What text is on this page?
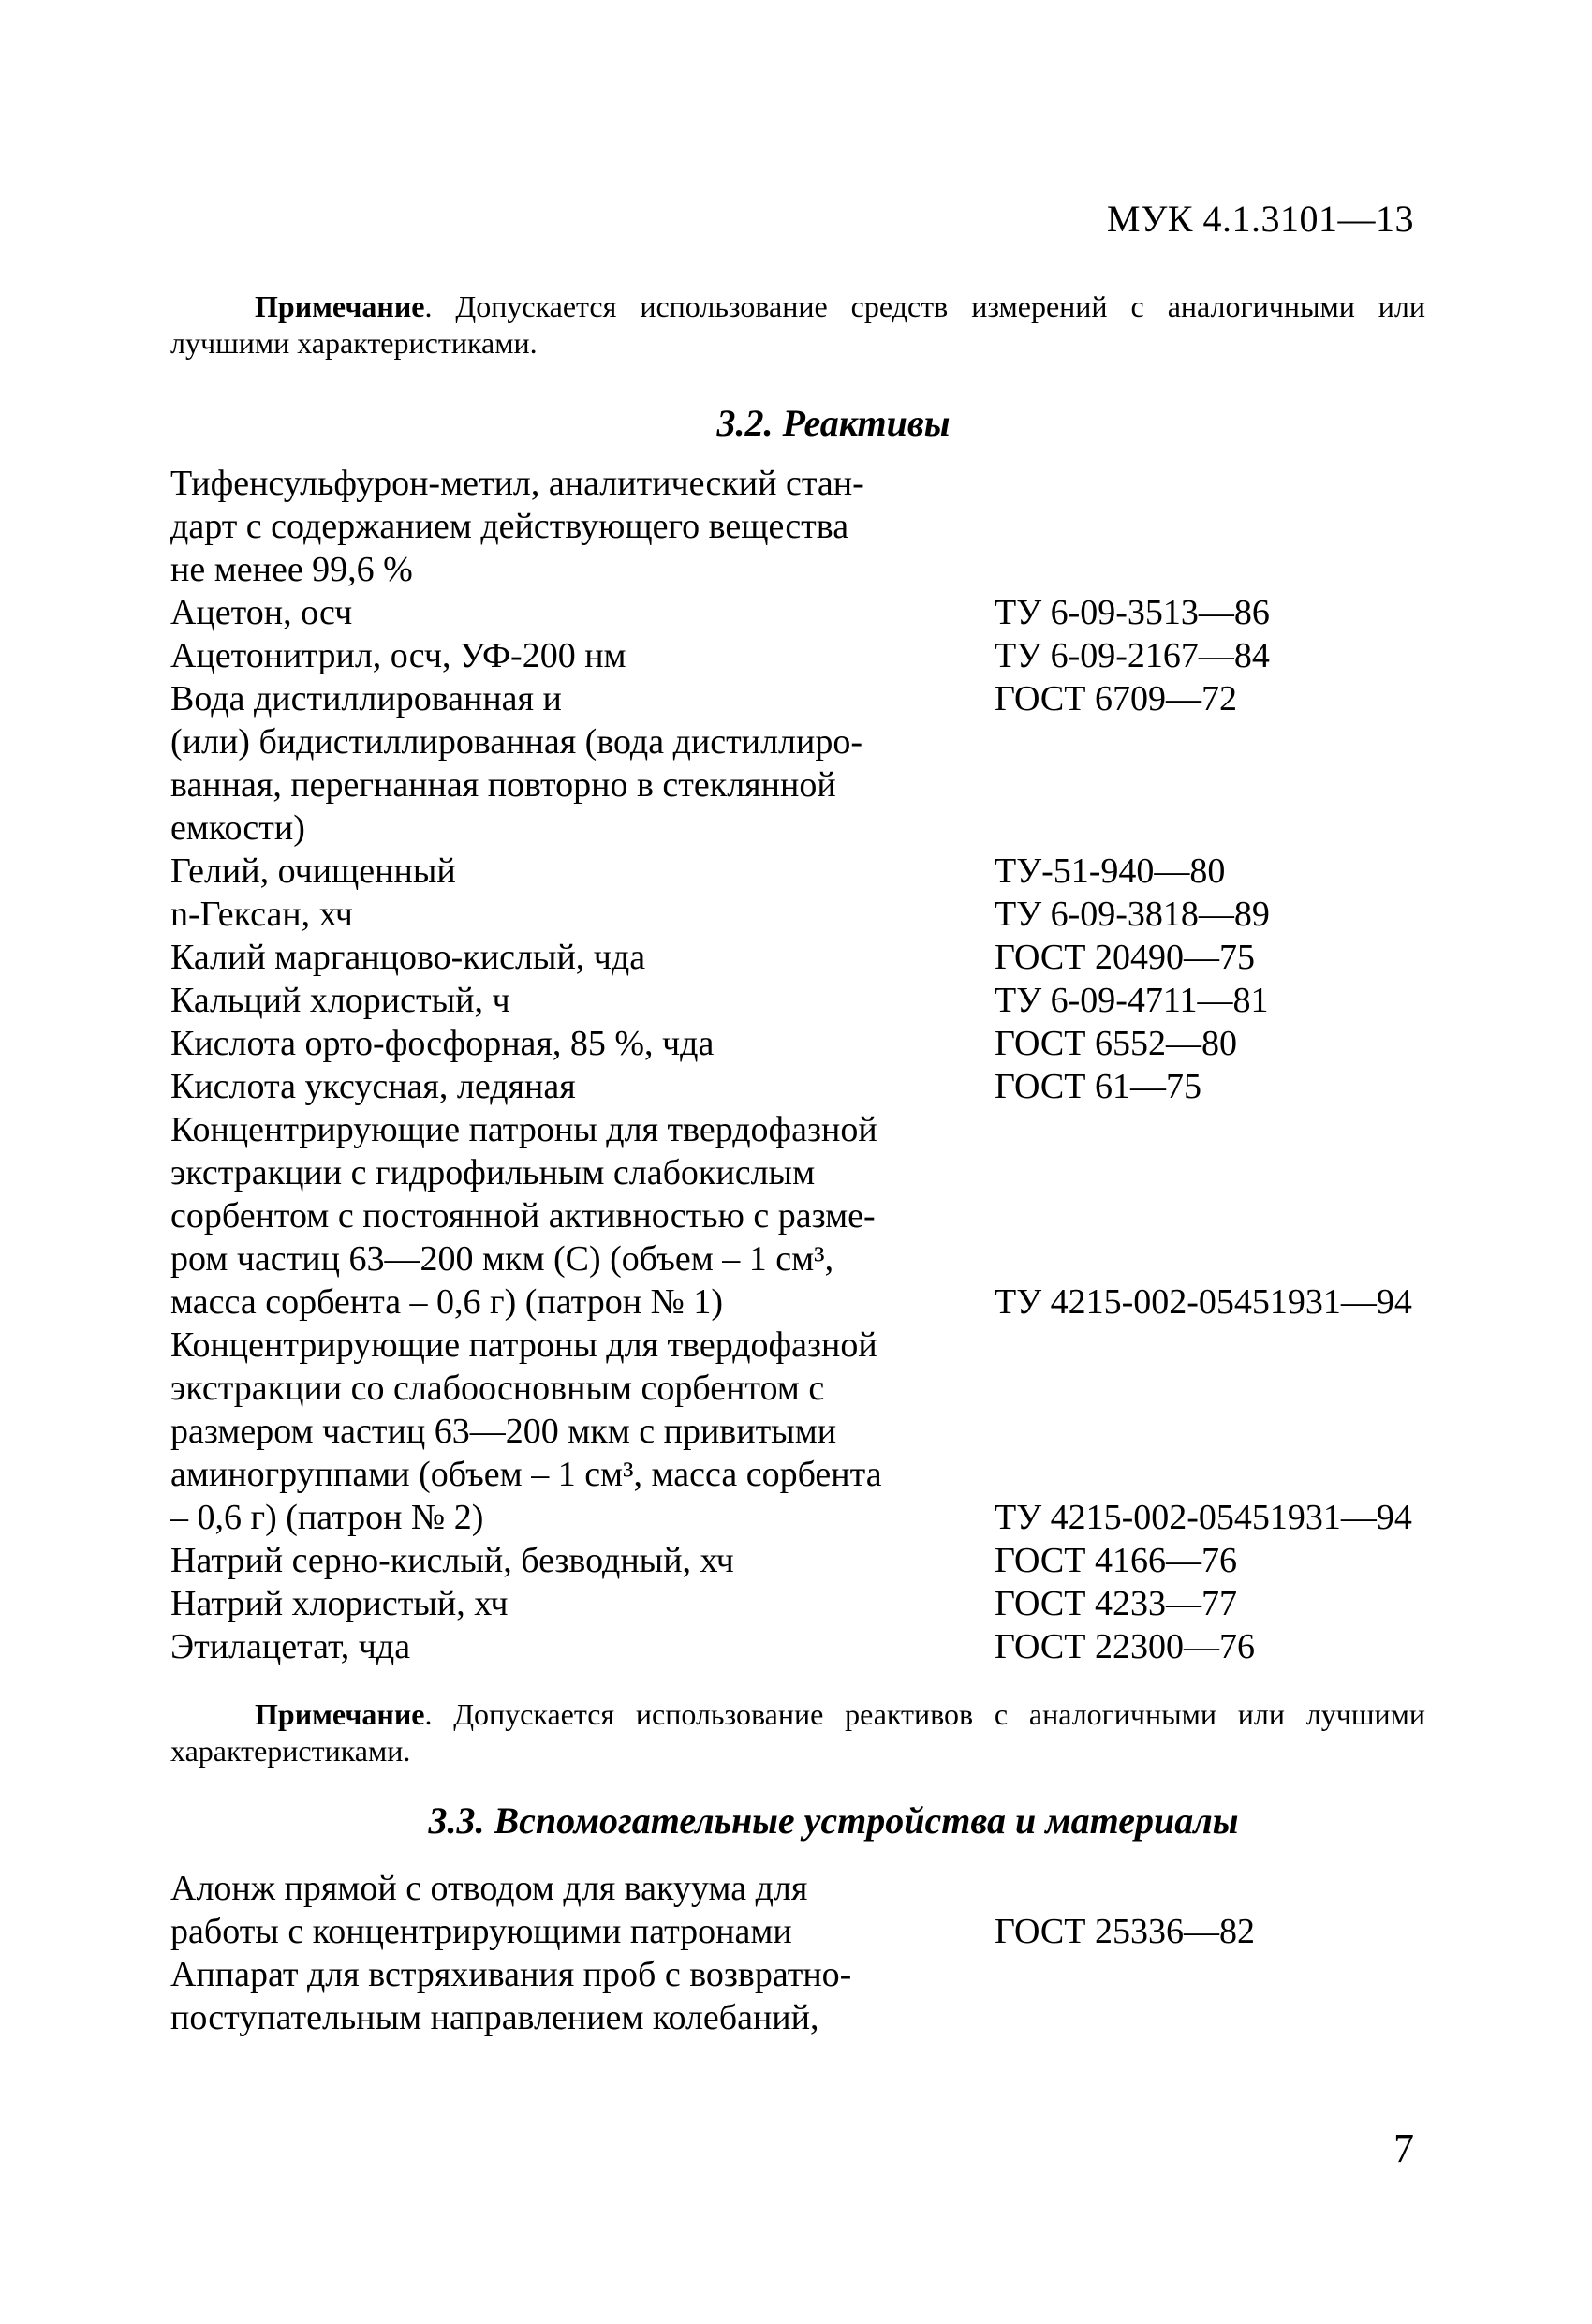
МУК 4.1.3101—13
Примечание. Допускается использование средств измерений с аналогичными или лучшими характеристиками.
3.2. Реактивы
Тифенсульфурон-метил, аналитический стан-
дарт с содержанием действующего вещества
не менее 99,6 %
Ацетон, осч	ТУ 6-09-3513—86
Ацетонитрил, осч, УФ-200 нм	ТУ 6-09-2167—84
Вода дистиллированная и	ГОСТ 6709—72
(или) бидистиллированная (вода дистиллиро-
ванная, перегнанная повторно в стеклянной
емкости)
Гелий, очищенный	ТУ-51-940—80
n-Гексан, хч	ТУ 6-09-3818—89
Калий марганцово-кислый, чда	ГОСТ 20490—75
Кальций хлористый, ч	ТУ 6-09-4711—81
Кислота орто-фосфорная, 85 %, чда	ГОСТ 6552—80
Кислота уксусная, ледяная	ГОСТ 61—75
Концентрирующие патроны для твердофазной
экстракции с гидрофильным слабокислым
сорбентом с постоянной активностью с разме-
ром частиц 63—200 мкм (С) (объем – 1 см³,
масса сорбента – 0,6 г) (патрон № 1)	ТУ 4215-002-05451931—94
Концентрирующие патроны для твердофазной
экстракции со слабоосновным сорбентом с
размером частиц 63—200 мкм с привитыми
аминогруппами (объем – 1 см³, масса сорбента
– 0,6 г) (патрон № 2)	ТУ 4215-002-05451931—94
Натрий серно-кислый, безводный, хч	ГОСТ 4166—76
Натрий хлористый, хч	ГОСТ 4233—77
Этилацетат, чда	ГОСТ 22300—76
Примечание. Допускается использование реактивов с аналогичными или лучшими характеристиками.
3.3. Вспомогательные устройства и материалы
Алонж прямой с отводом для вакуума для
работы с концентрирующими патронами	ГОСТ 25336—82
Аппарат для встряхивания проб с возвратно-
поступательным направлением колебаний,
7
